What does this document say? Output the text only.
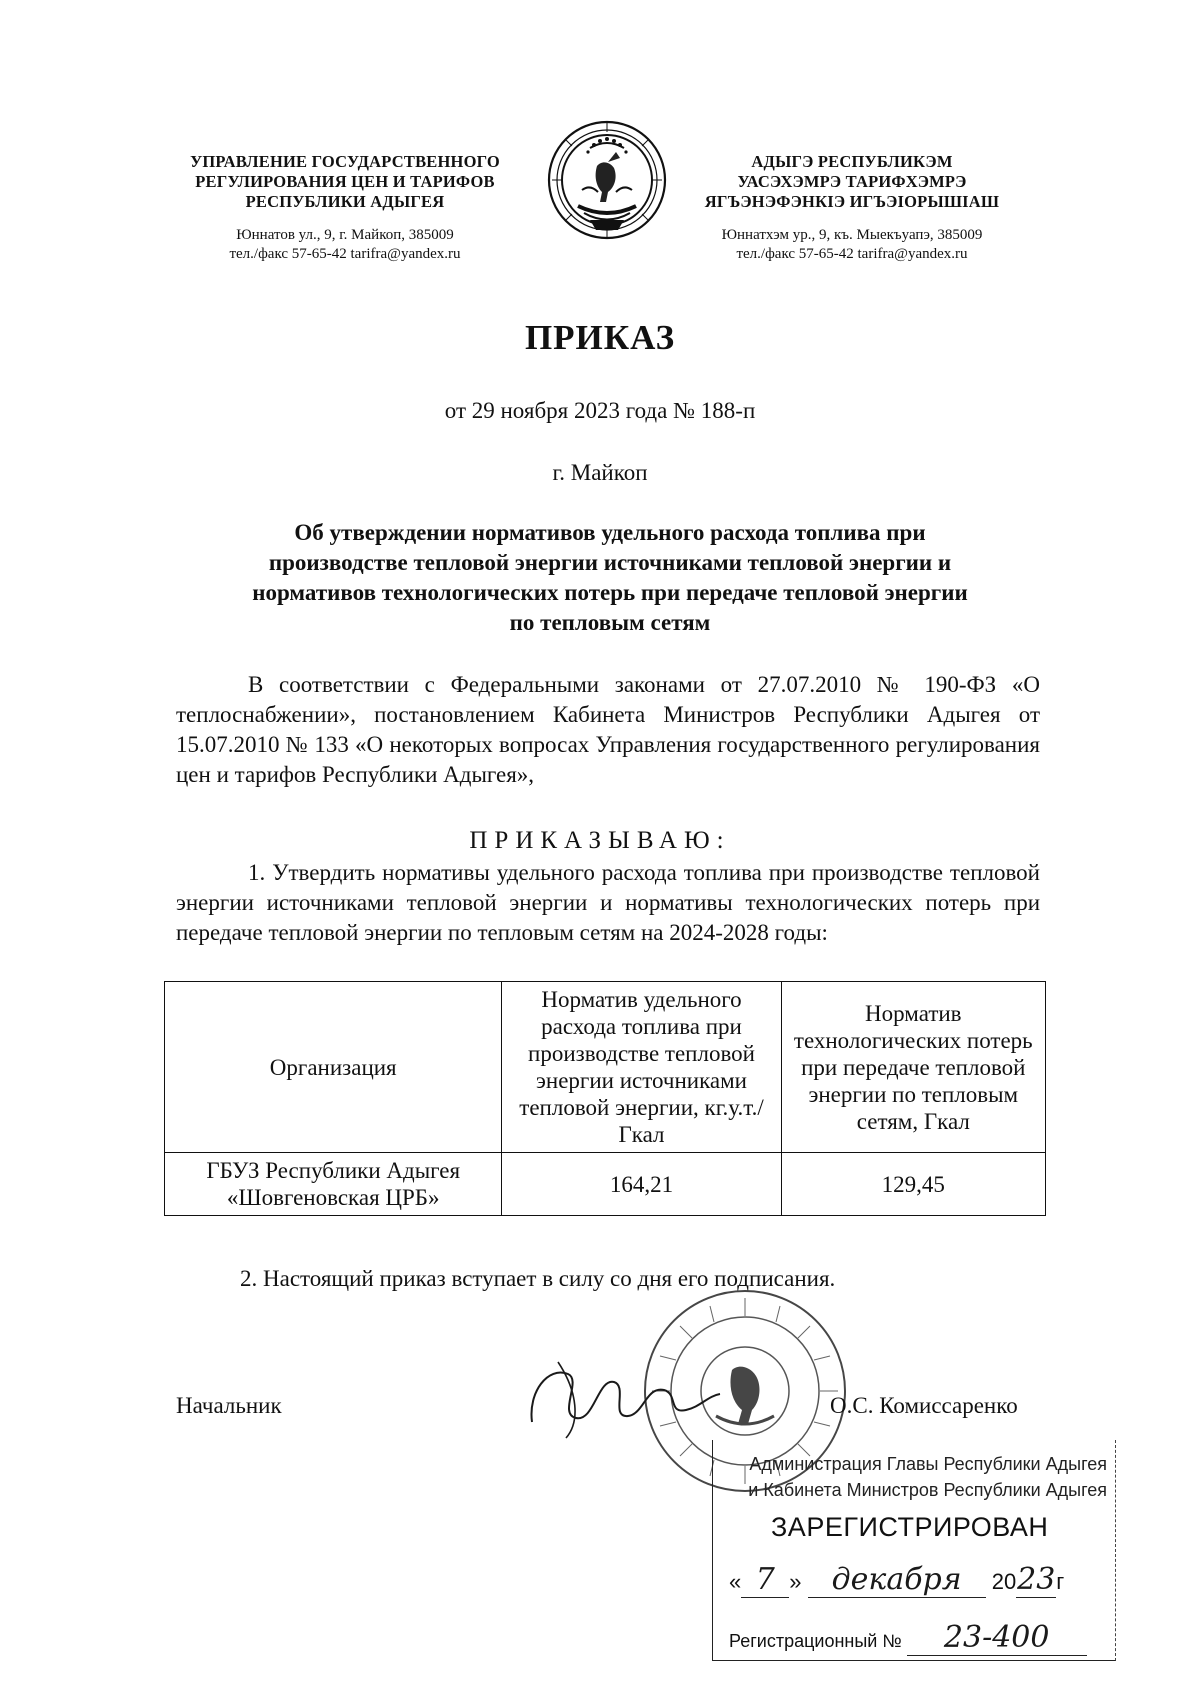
УПРАВЛЕНИЕ ГОСУДАРСТВЕННОГО
РЕГУЛИРОВАНИЯ ЦЕН И ТАРИФОВ
РЕСПУБЛИКИ АДЫГЕЯ
Юннатов ул., 9, г. Майкоп, 385009
тел./факс 57-65-42 tarifra@yandex.ru
АДЫГЭ РЕСПУБЛИКЭМ
УАСЭХЭМРЭ ТАРИФХЭМРЭ
ЯГЪЭНЭФЭНКIЭ ИГЪЭIОРЫШIАШ
Юннатхэм ур., 9, къ. Мыекъуапэ, 385009
тел./факс 57-65-42 tarifra@yandex.ru
ПРИКАЗ
от 29 ноября 2023 года № 188-п
г. Майкоп
Об утверждении нормативов удельного расхода топлива при
производстве тепловой энергии источниками тепловой энергии и
нормативов технологических потерь при передаче тепловой энергии
по тепловым сетям
В соответствии с Федеральными законами от 27.07.2010 № 190-ФЗ «О теплоснабжении», постановлением Кабинета Министров Республики Адыгея от 15.07.2010 № 133 «О некоторых вопросах Управления государственного регулирования цен и тарифов Республики Адыгея»,
ПРИКАЗЫВАЮ:
1. Утвердить нормативы удельного расхода топлива при производстве тепловой энергии источниками тепловой энергии и нормативы технологических потерь при передаче тепловой энергии по тепловым сетям на 2024-2028 годы:
Организация	Норматив удельного расхода топлива при производстве тепловой энергии источниками тепловой энергии, кг.у.т./Гкал	Норматив технологических потерь при передаче тепловой энергии по тепловым сетям, Гкал
ГБУЗ Республики Адыгея «Шовгеновская ЦРБ»	164,21	129,45
2. Настоящий приказ вступает в силу со дня его подписания.
Начальник	О.С. Комиссаренко
Администрация Главы Республики Адыгея
и Кабинета Министров Республики Адыгея
ЗАРЕГИСТРИРОВАН
« 7 » декабря 2023г
Регистрационный № 23-400
